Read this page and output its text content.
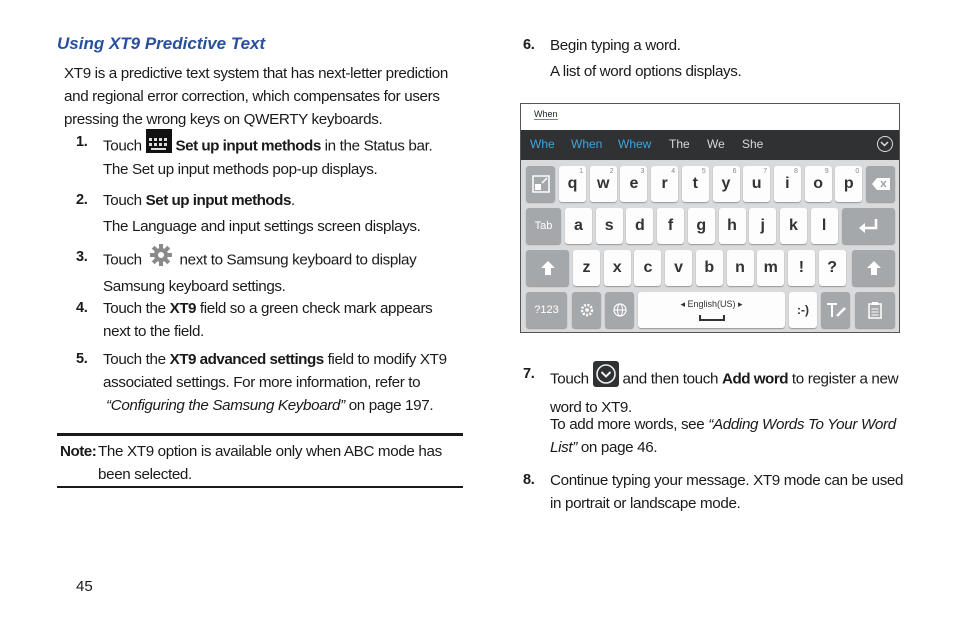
Using XT9 Predictive Text
XT9 is a predictive text system that has next-letter prediction and regional error correction, which compensates for users pressing the wrong keys on QWERTY keyboards.
1. Touch Set up input methods in the Status bar.
The Set up input methods pop-up displays.
2. Touch Set up input methods.
The Language and input settings screen displays.
3. Touch next to Samsung keyboard to display Samsung keyboard settings.
4. Touch the XT9 field so a green check mark appears next to the field.
5. Touch the XT9 advanced settings field to modify XT9 associated settings. For more information, refer to “Configuring the Samsung Keyboard” on page 197.
Note: The XT9 option is available only when ABC mode has been selected.
6. Begin typing a word.
A list of word options displays.
When
Whe When Whew The We She
Tab
?123	◂ English(US) ▸	:-)
q
1
w
2
e
3
r
4
t
5
y
6
u
7
i
8
o
9
p
0
a	s	d	f	g	h	j	k	l
z	x	c	v	b	n	m	!	?
7. Touch and then touch Add word to register a new word to XT9.
To add more words, see “Adding Words To Your Word List” on page 46.
8. Continue typing your message. XT9 mode can be used in portrait or landscape mode.
45
